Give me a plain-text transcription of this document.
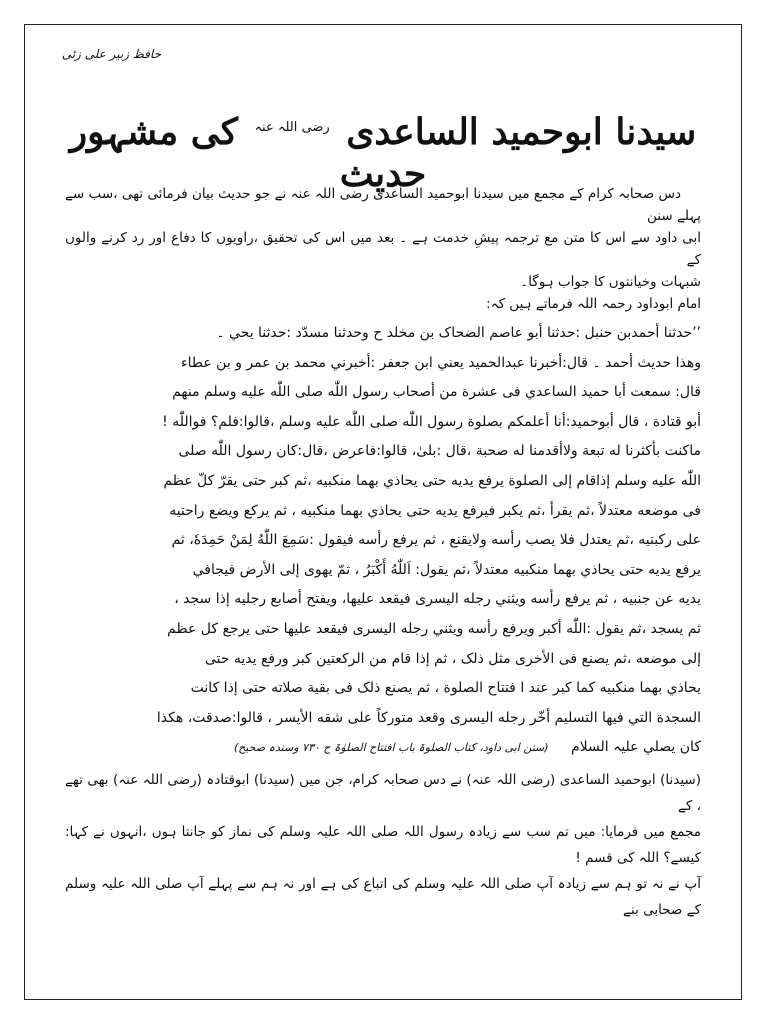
حافظ زبیر علی زئی
سیدنا ابوحمید الساعدی $^{رضی اللہ عنہ}$ کی مشہور حدیث

دس صحابہ کرام کے مجمع میں سیدنا ابوحمید الساعدی رضی اللہ عنہ نے جو حدیث بیان فرمائی تھی ،سب سے پہلے سنن

ابی داود سے اس کا متن مع ترجمہ پیشِ خدمت ہے ۔ بعد میں اس کی تحقیق ،راویوں کا دفاع اور رد کرنے والوں کے

شبہات وخیانتوں کا جواب ہوگا۔

امام ابوداود رحمہ اللہ فرماتے ہیں کہ:

’’حدثنا أحمدبن حنبل :حدثنا أبو عاصم الضحاک بن مخلد ح وحدثنا مسدّد :حدثنا یحي ۔

وهذا حدیث أحمد ۔ قال:أخبرنا عبدالحمید یعني ابن جعفر :أخبرني محمد بن عمر و بن عطاء

قال: سمعت أبا حمید الساعدي فی عشرة من أصحاب رسول اللّٰه صلی اللّٰه علیه وسلم منهم

أبو قتادة ، قال أبوحمید:أنا أعلمکم بصلوة رسول اللّٰه صلی اللّٰه علیه وسلم ،قالوا:فلم؟ فواللّٰه !

ماکنت بأکثرنا له تبعة ولاأقدمنا له صحبة ،قال :بلیٰ، قالوا:فاعرض ،قال:کان رسول اللّٰه صلی

اللّٰه علیه وسلم إذاقام إلی الصلوة یرفع یدیه حتی یحاذي بهما منکبیه ،ثم کبر حتی یقرّ کلّ عظم

فی موضعه معتدلاً ،ثم یقرأ ،ثم یکبر فیرفع یدیه حتی یحاذي بهما منکبیه ، ثم یرکع ویضع راحتیه

علی رکبتیه ،ثم یعتدل فلا یصب رأسه ولایقنع ، ثم یرفع رأسه فیقول :سَمِعَ اللّٰهُ لِمَنْ حَمِدَهٗ، ثم

یرفع یدیه حتی یحاذي بهما منکبیه معتدلاً ،ثم یقول: اَللّٰهُ أَکْبَرُ ، ثمّ یهوی إلی الأرض فیجافي

یدیه عن جنبیه ، ثم یرفع رأسه ویثني رجله الیسری فیقعد علیها، ویفتح أصابع رجلیه إذا سجد ،

ثم یسجد ،ثم یقول :اللّٰه أکبر ویرفع رأسه ویثني رجله الیسری فیقعد علیها حتی یرجع کل عظم

إلی موضعه ،ثم یصنع فی الأخری مثل ذلک ، ثم إذا قام من الرکعتین کبر ورفع یدیه حتی

یحاذي بهما منکبیه کما کبر عند ا فتتاح الصلوة ، ثم یصنع ذلک فی بقیة صلاته حتی إذا کانت

السجدة التي فیها التسلیم أخّر رجله الیسری وقعد متورکاً علی شقه الأیسر ، قالوا:صدقت، هکذا

کان یصلي علیہ السلام (سنن ابی داود، کتاب الصلوۃ باب افتتاح الصلوٰۃ ح ۷۳۰ وسندہ صحیح)

(سیدنا) ابوحمید الساعدی (رضی اللہ عنہ) نے دس صحابہ کرام، جن میں (سیدنا) ابوقتادہ (رضی اللہ عنہ) بھی تھے ، کے

مجمع میں فرمایا: میں تم سب سے زیادہ رسول اللہ صلی اللہ علیہ وسلم کی نماز کو جانتا ہوں ،انہوں نے کہا: کیسے؟ اللہ کی قسم !

آپ نے نہ تو ہم سے زیادہ آپ صلی اللہ علیہ وسلم کی اتباع کی ہے اور نہ ہم سے پہلے آپ صلی اللہ علیہ وسلم کے صحابی بنے
